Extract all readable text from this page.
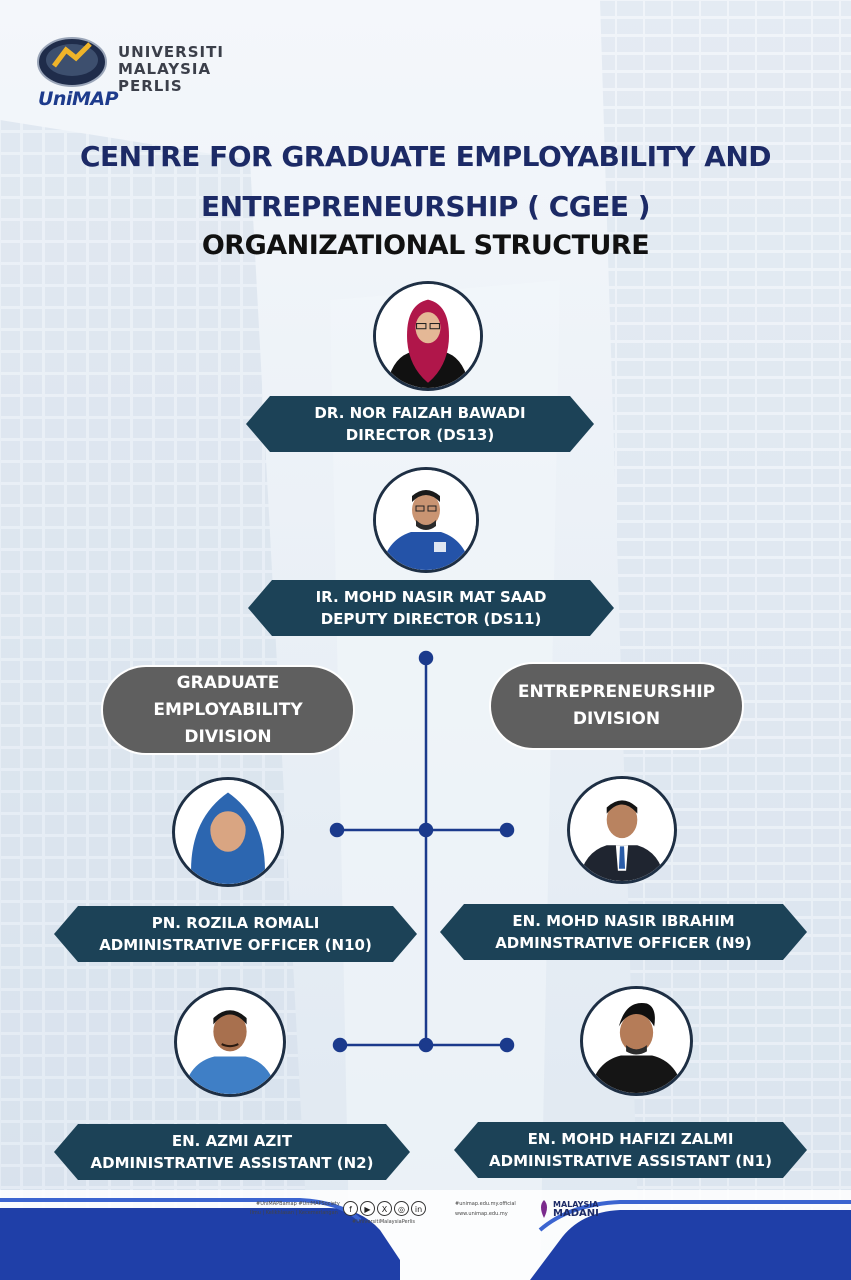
UNIVERSITI
MALAYSIA
PERLIS
UniMAP
CENTRE FOR GRADUATE EMPLOYABILITY AND
ENTREPRENEURSHIP ( CGEE )
ORGANIZATIONAL STRUCTURE
DR. NOR FAIZAH BAWADI
DIRECTOR (DS13)
IR. MOHD NASIR MAT SAAD
DEPUTY DIRECTOR (DS11)
GRADUATE
EMPLOYABILITY
DIVISION
ENTREPRENEURSHIP
DIVISION
PN. ROZILA ROMALI
ADMINISTRATIVE OFFICER (N10)
EN. MOHD NASIR IBRAHIM
ADMINSTRATIVE OFFICER (N9)
EN. AZMI AZIT
ADMINISTRATIVE ASSISTANT (N2)
EN. MOHD HAFIZI ZALMI
ADMINISTRATIVE ASSISTANT (N1)
#UniMAPBamap #UniMAPSociety
Ilmu | Kelikhlasan | Kecemerlangan
#UniversitiMalaysiaPerlis
#unimap.edu.my.official
www.unimap.edu.my
f	▶	X	◎	in
MALAYSIA
MADANI
